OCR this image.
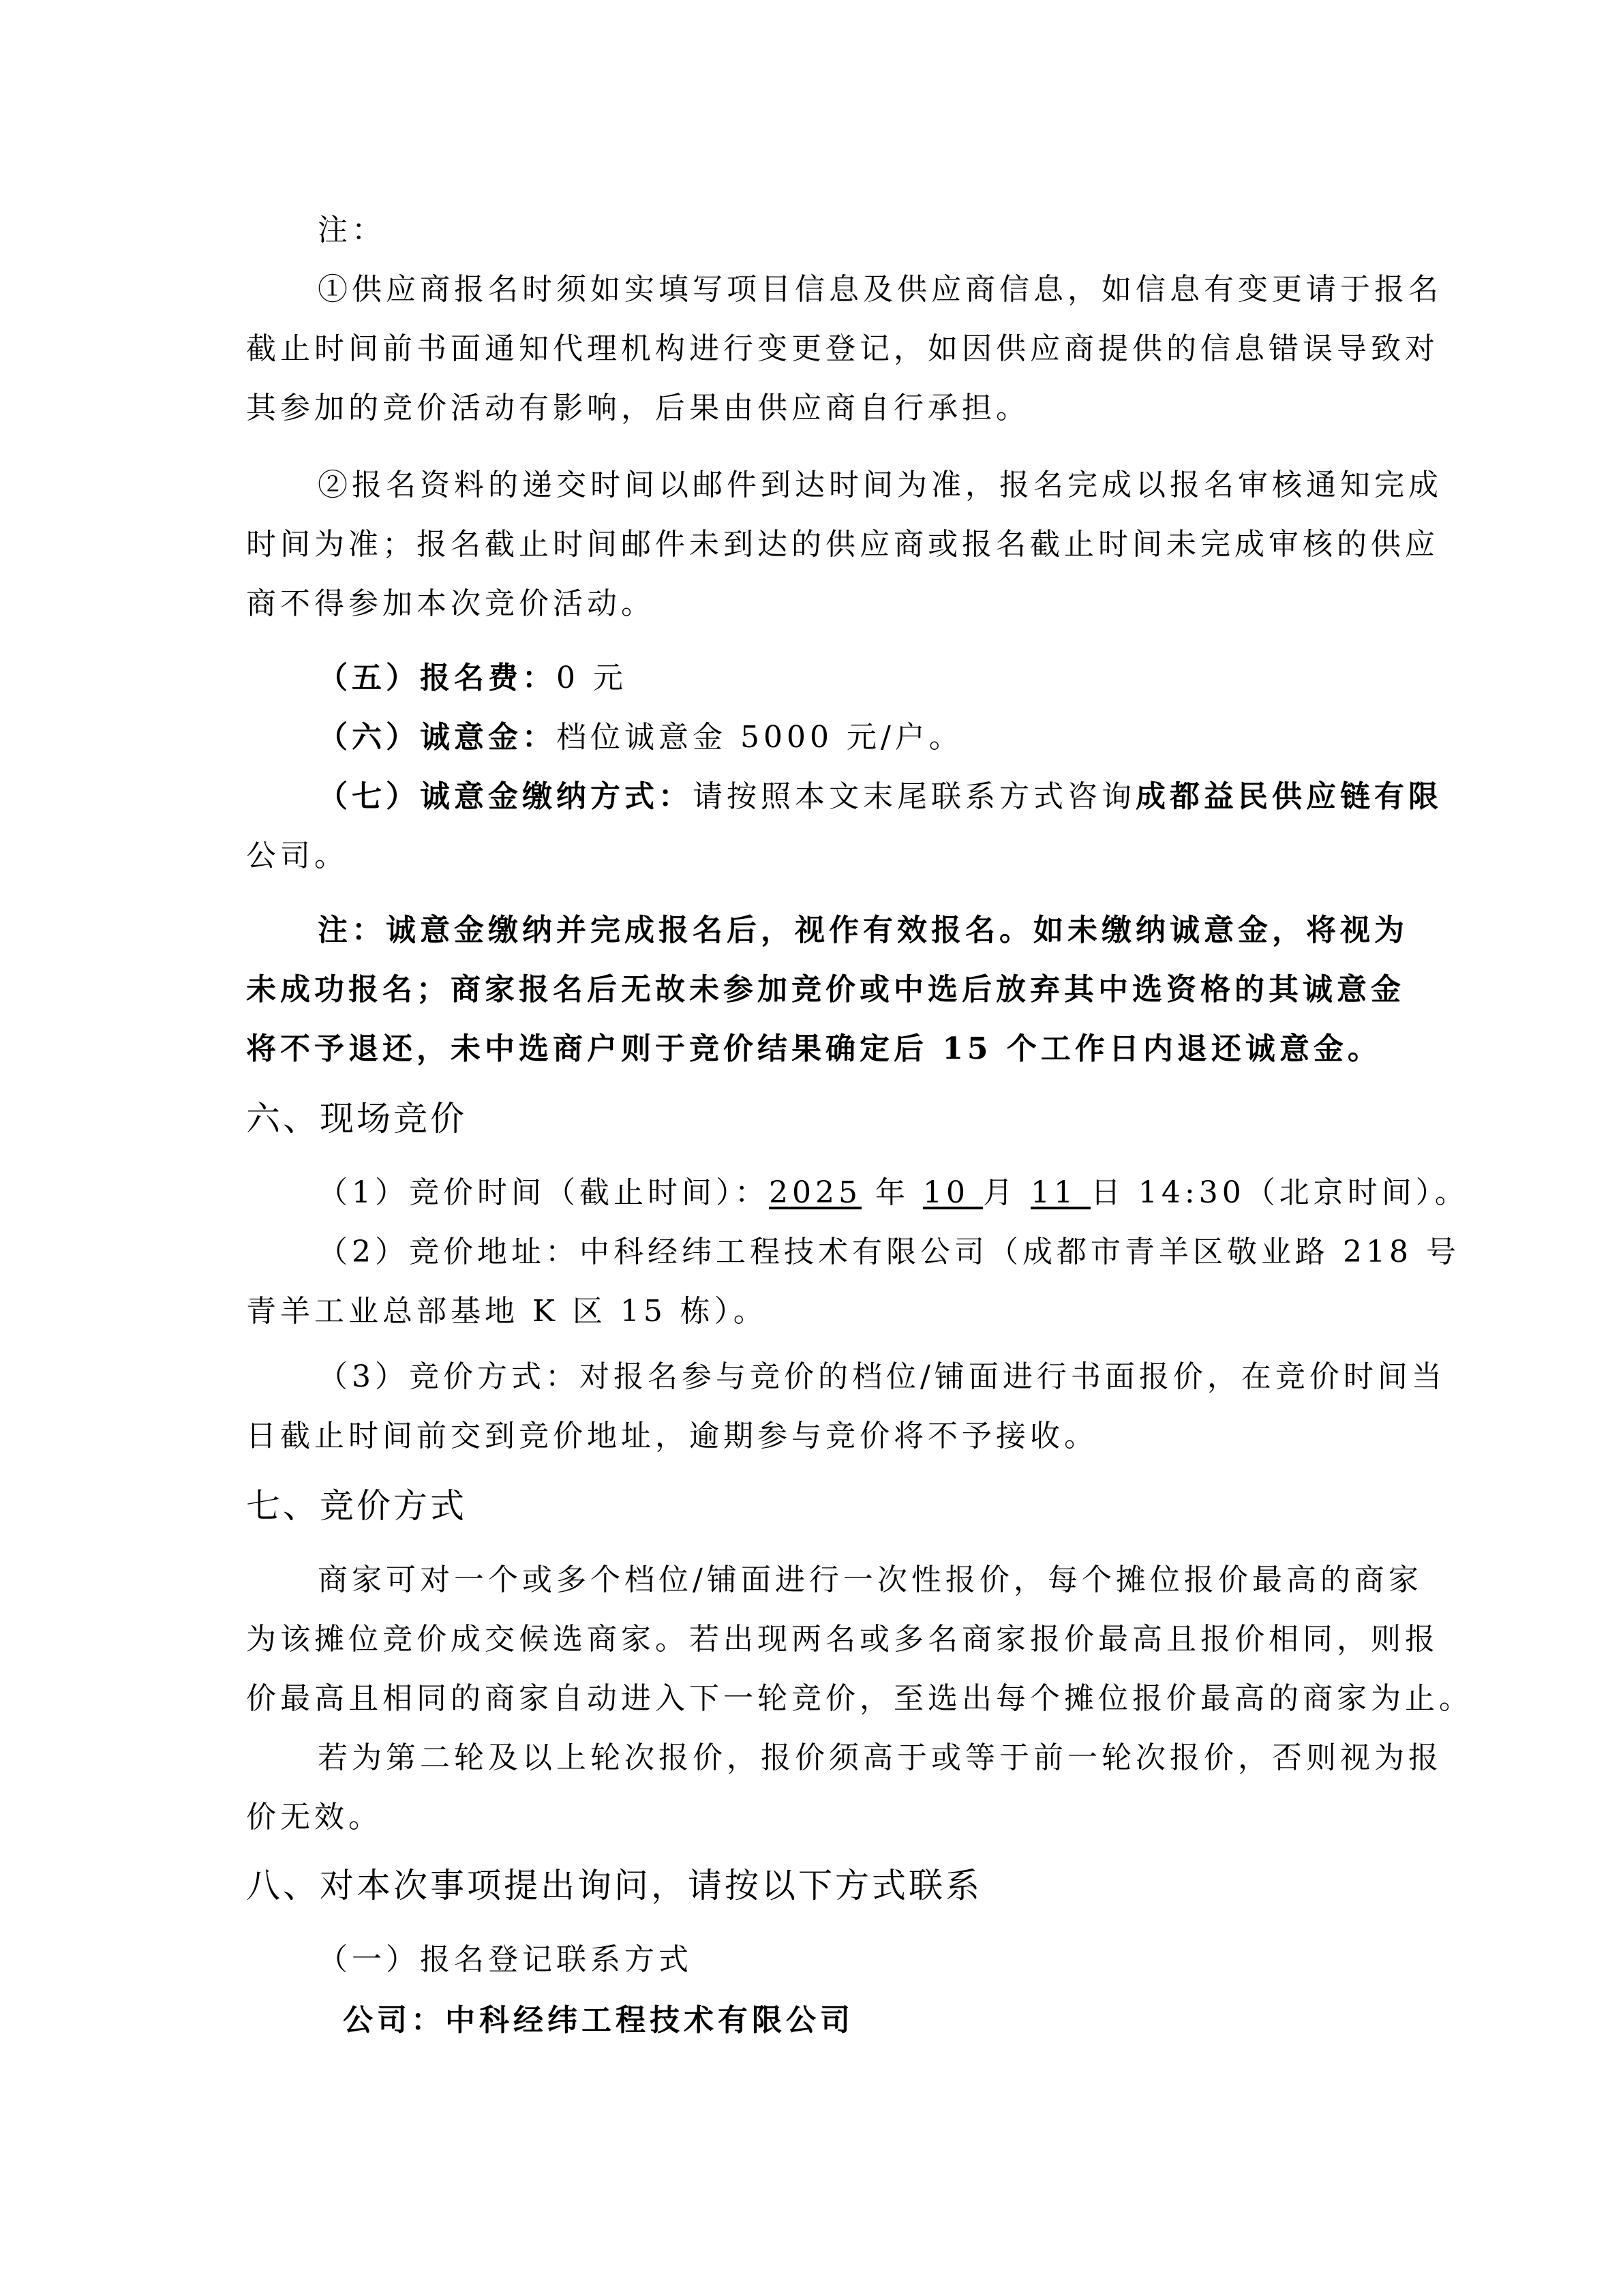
注：
①供应商报名时须如实填写项目信息及供应商信息，如信息有变更请于报名
截止时间前书面通知代理机构进行变更登记，如因供应商提供的信息错误导致对
其参加的竞价活动有影响，后果由供应商自行承担。
②报名资料的递交时间以邮件到达时间为准，报名完成以报名审核通知完成
时间为准；报名截止时间邮件未到达的供应商或报名截止时间未完成审核的供应
商不得参加本次竞价活动。
（五）报名费：0 元
（六）诚意金：档位诚意金 5000 元/户。
（七）诚意金缴纳方式：请按照本文末尾联系方式咨询成都益民供应链有限
公司。
注：诚意金缴纳并完成报名后，视作有效报名。如未缴纳诚意金，将视为
未成功报名；商家报名后无故未参加竞价或中选后放弃其中选资格的其诚意金
将不予退还，未中选商户则于竞价结果确定后 15 个工作日内退还诚意金。
六、现场竞价
（1）竞价时间（截止时间）：2025 年 10 月 11 日 14:30（北京时间）。
（2）竞价地址：中科经纬工程技术有限公司（成都市青羊区敬业路 218 号
青羊工业总部基地 K 区 15 栋）。
（3）竞价方式：对报名参与竞价的档位/铺面进行书面报价，在竞价时间当
日截止时间前交到竞价地址，逾期参与竞价将不予接收。
七、竞价方式
商家可对一个或多个档位/铺面进行一次性报价，每个摊位报价最高的商家
为该摊位竞价成交候选商家。若出现两名或多名商家报价最高且报价相同，则报
价最高且相同的商家自动进入下一轮竞价，至选出每个摊位报价最高的商家为止。
若为第二轮及以上轮次报价，报价须高于或等于前一轮次报价，否则视为报
价无效。
八、对本次事项提出询问，请按以下方式联系
（一）报名登记联系方式
公司：中科经纬工程技术有限公司
